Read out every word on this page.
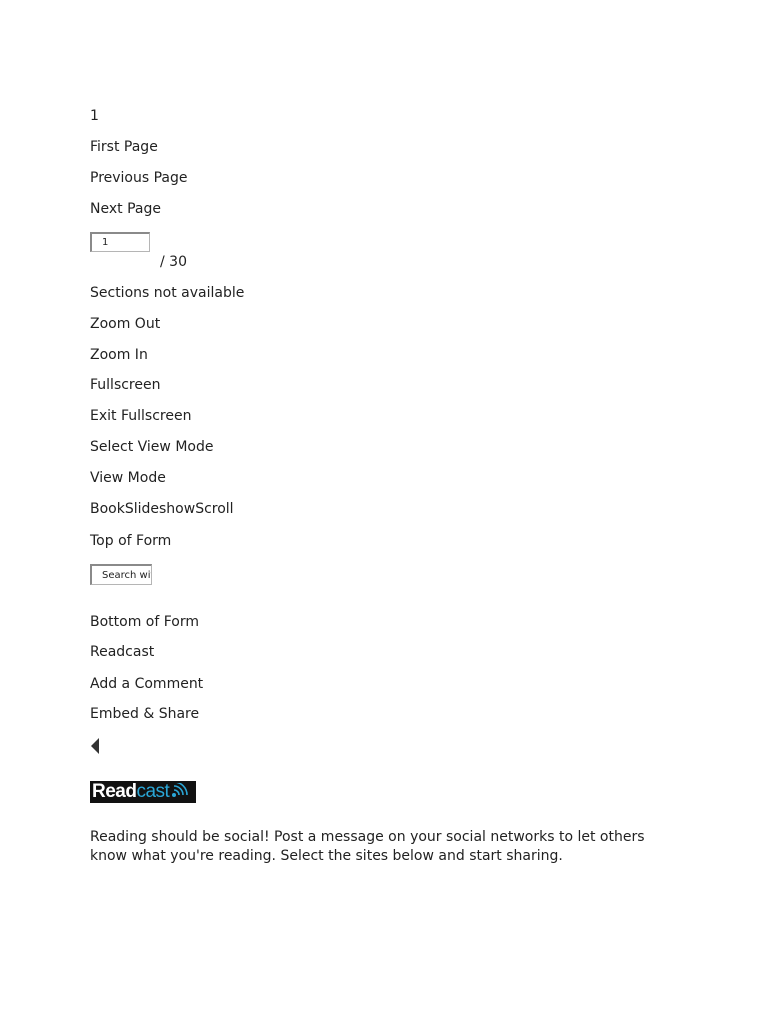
1
First Page
Previous Page
Next Page
1
/ 30
Sections not available
Zoom Out
Zoom In
Fullscreen
Exit Fullscreen
Select View Mode
View Mode
BookSlideshowScroll
Top of Form
Search wit
Bottom of Form
Readcast
Add a Comment
Embed & Share
Read cast
Reading should be social! Post a message on your social networks to let others know what you're reading. Select the sites below and start sharing.
